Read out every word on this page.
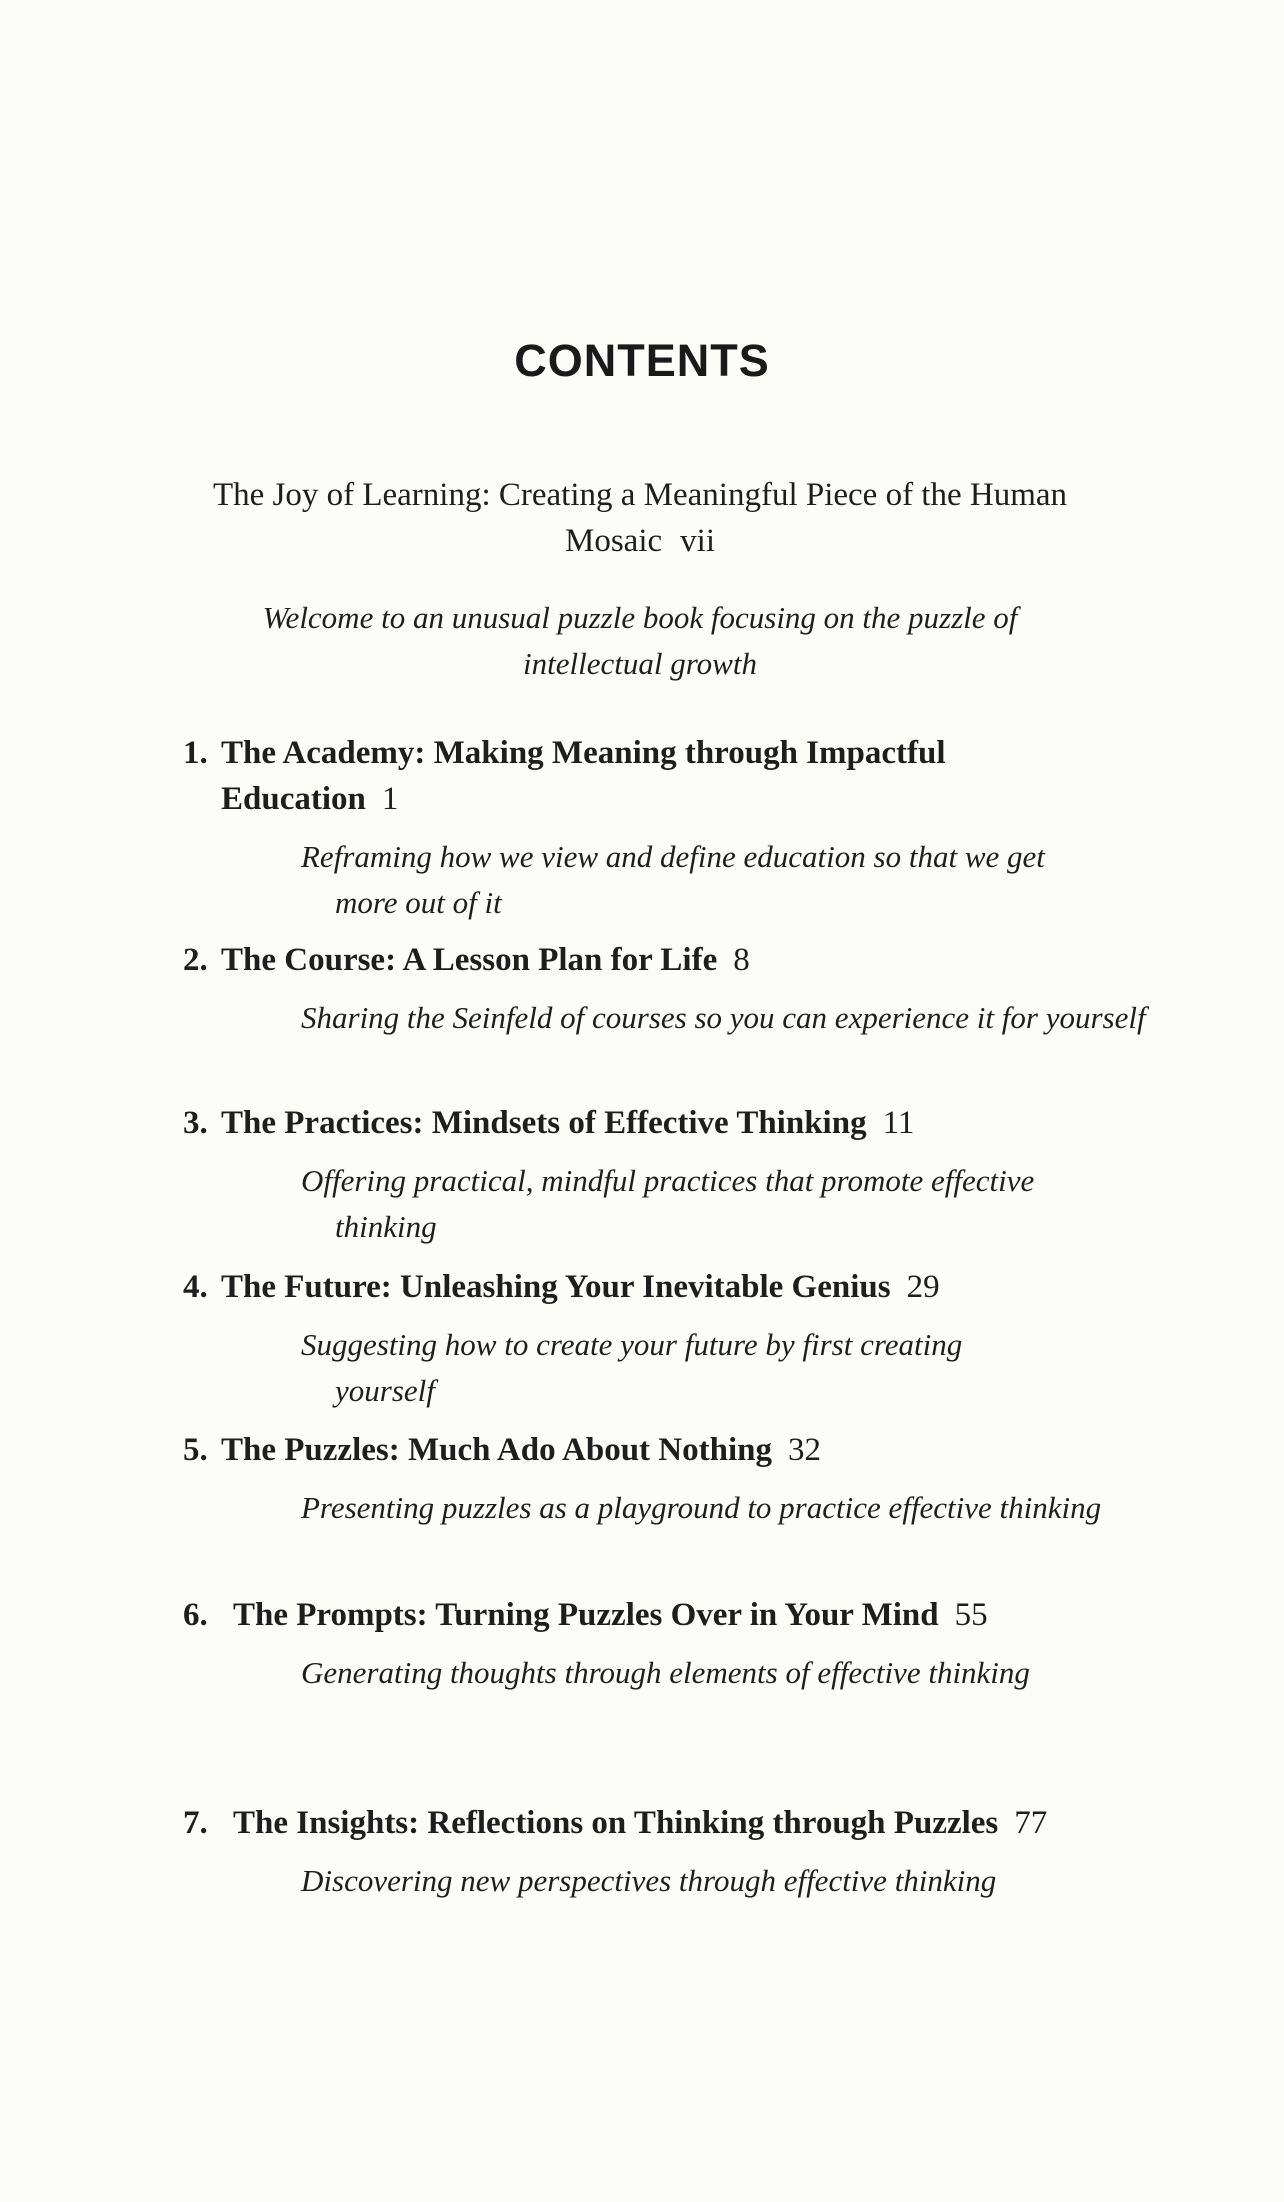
CONTENTS
The Joy of Learning: Creating a Meaningful Piece of the Human Mosaic vii
Welcome to an unusual puzzle book focusing on the puzzle of intellectual growth
1. The Academy: Making Meaning through Impactful Education 1
Reframing how we view and define education so that we get more out of it
2. The Course: A Lesson Plan for Life 8
Sharing the Seinfeld of courses so you can experience it for yourself
3. The Practices: Mindsets of Effective Thinking 11
Offering practical, mindful practices that promote effective thinking
4. The Future: Unleashing Your Inevitable Genius 29
Suggesting how to create your future by first creating yourself
5. The Puzzles: Much Ado About Nothing 32
Presenting puzzles as a playground to practice effective thinking
6. The Prompts: Turning Puzzles Over in Your Mind 55
Generating thoughts through elements of effective thinking
7. The Insights: Reflections on Thinking through Puzzles 77
Discovering new perspectives through effective thinking
